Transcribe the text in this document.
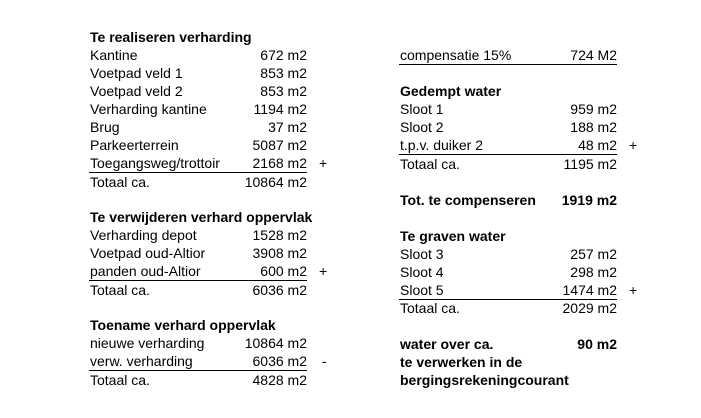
Te realiseren verharding
Kantine	672 m2
Voetpad veld 1	853 m2
Voetpad veld 2	853 m2
Verharding kantine	1194 m2
Brug	37 m2
Parkeerterrein	5087 m2
Toegangsweg/trottoir 2168 m2 +
Totaal ca.	10864 m2
Te verwijderen verhard oppervlak
Verharding depot	1528 m2
Voetpad oud-Altior	3908 m2
panden oud-Altior	600 m2 +
Totaal ca.	6036 m2
Toename verhard oppervlak
nieuwe verharding	10864 m2
verw. verharding	6036 m2 -
Totaal ca.	4828 m2
compensatie 15%	724 M2
Gedempt water
Sloot 1	959 m2
Sloot 2	188 m2
t.p.v. duiker 2	48 m2 +
Totaal ca.	1195 m2
Tot. te compenseren 1919 m2
Te graven water
Sloot 3	257 m2
Sloot 4	298 m2
Sloot 5	1474 m2 +
Totaal ca.	2029 m2
water over ca.	90 m2
te verwerken in de
bergingsrekeningcourant
